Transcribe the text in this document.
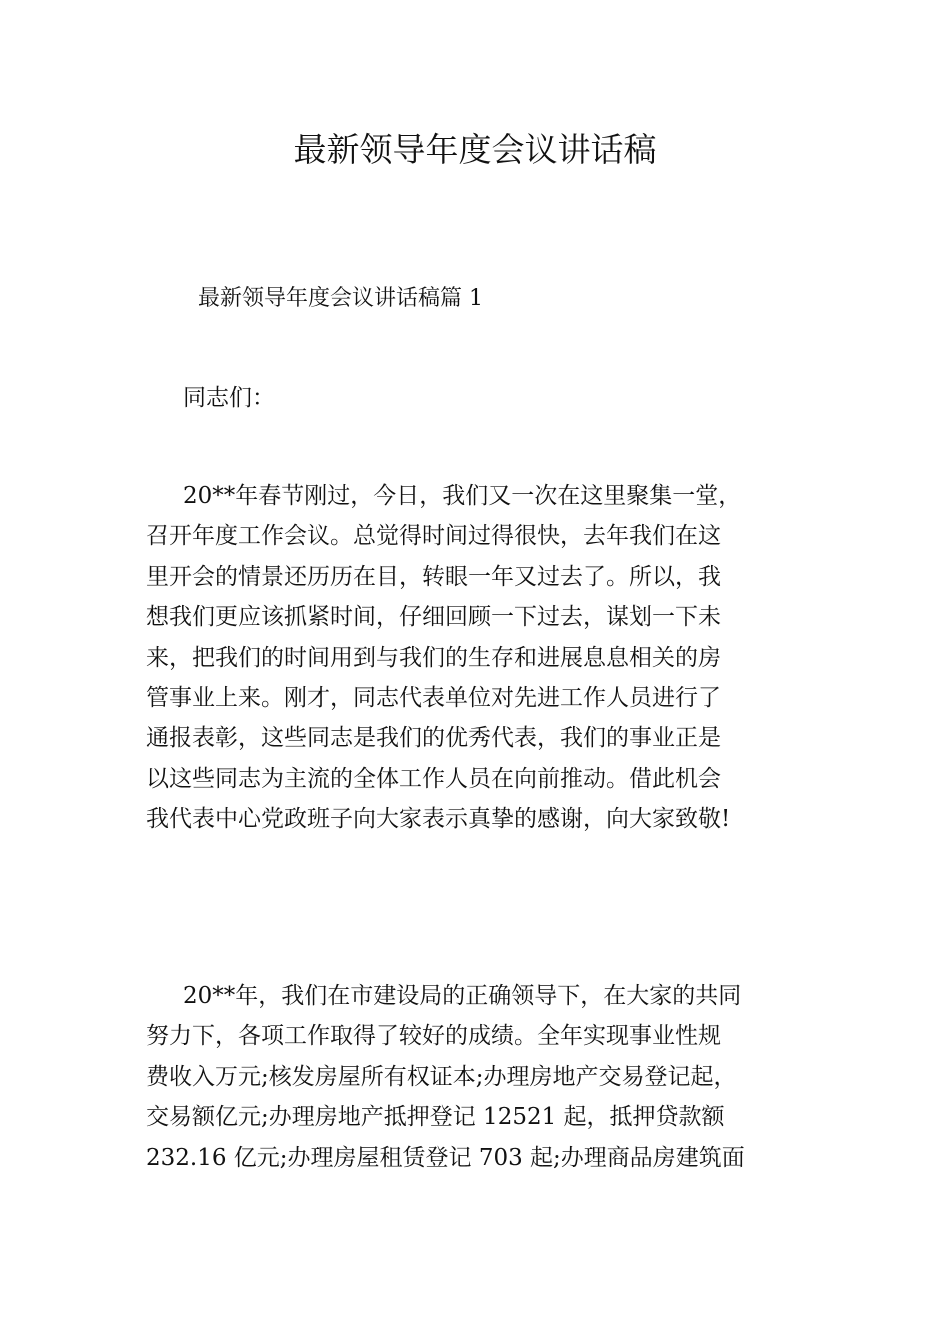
最新领导年度会议讲话稿

最新领导年度会议讲话稿篇 1

同志们：

20**年春节刚过，今日，我们又一次在这里聚集一堂，
召开年度工作会议。总觉得时间过得很快，去年我们在这
里开会的情景还历历在目，转眼一年又过去了。所以，我
想我们更应该抓紧时间，仔细回顾一下过去，谋划一下未
来，把我们的时间用到与我们的生存和进展息息相关的房
管事业上来。刚才，同志代表单位对先进工作人员进行了
通报表彰，这些同志是我们的优秀代表，我们的事业正是
以这些同志为主流的全体工作人员在向前推动。借此机会
我代表中心党政班子向大家表示真挚的感谢，向大家致敬!

20**年，我们在市建设局的正确领导下，在大家的共同
努力下，各项工作取得了较好的成绩。全年实现事业性规
费收入万元;核发房屋所有权证本;办理房地产交易登记起，
交易额亿元;办理房地产抵押登记 12521 起，抵押贷款额
232.16 亿元;办理房屋租赁登记 703 起;办理商品房建筑面
